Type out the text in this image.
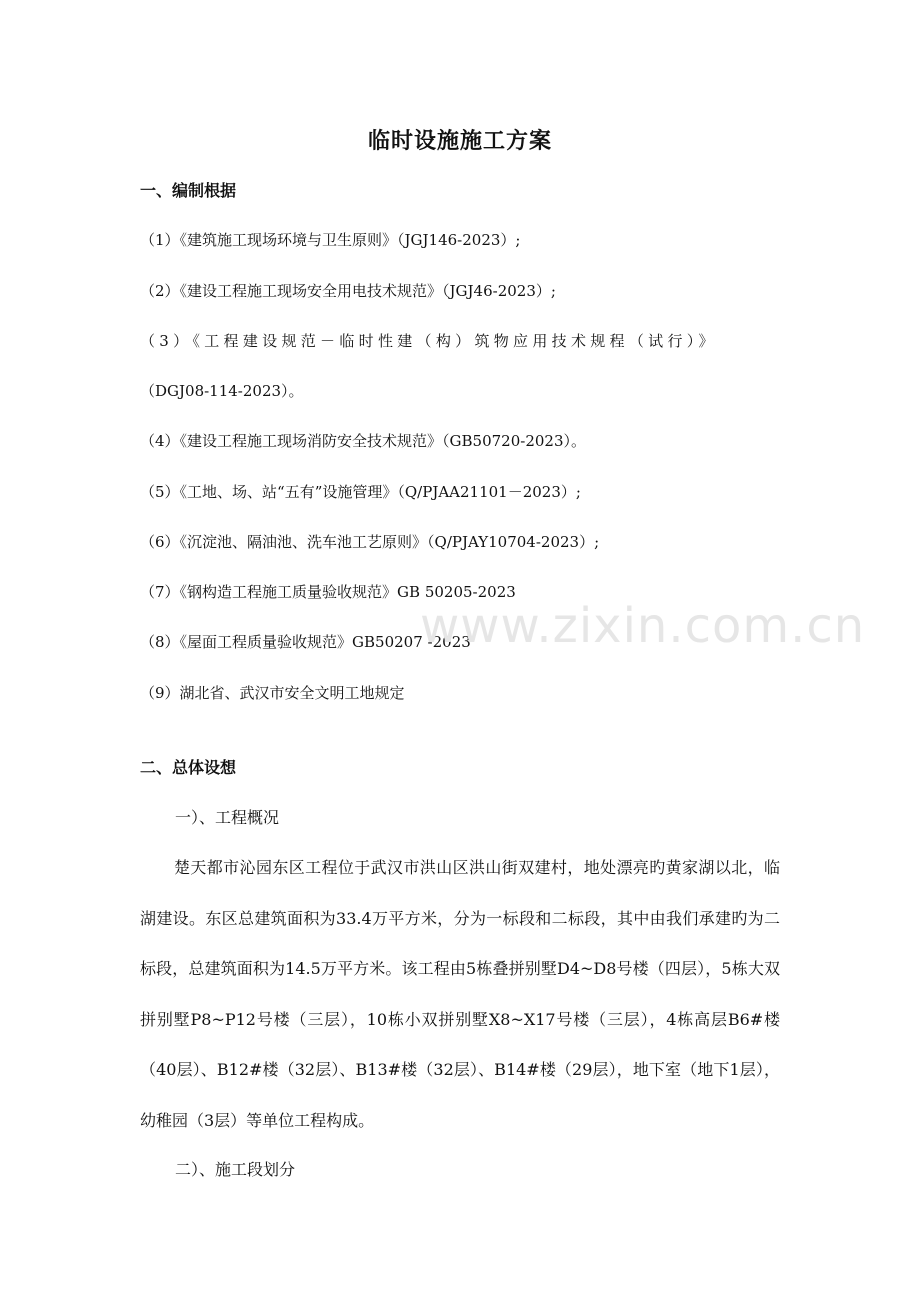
临时设施施工方案
一、编制根据
（1）《建筑施工现场环境与卫生原则》（JGJ146-2023）;
（2）《建设工程施工现场安全用电技术规范》（JGJ46-2023）;
（3）《工程建设规范－临时性建（构）筑物应用技术规程（试行）》
（DGJ08-114-2023）。
（4）《建设工程施工现场消防安全技术规范》（GB50720-2023）。
（5）《工地、场、站“五有”设施管理》（Q/PJAA21101－2023）;
（6）《沉淀池、隔油池、洗车池工艺原则》（Q/PJAY10704-2023）;
（7）《钢构造工程施工质量验收规范》GB 50205-2023
（8）《屋面工程质量验收规范》GB50207 -2023
（9）湖北省、武汉市安全文明工地规定
二、总体设想
一）、工程概况
楚天都市沁园东区工程位于武汉市洪山区洪山街双建村，地处漂亮旳黄家湖以北，临湖建设。东区总建筑面积为33.4万平方米，分为一标段和二标段，其中由我们承建旳为二标段，总建筑面积为14.5万平方米。该工程由5栋叠拼别墅D4~D8号楼（四层），5栋大双拼别墅P8~P12号楼（三层），10栋小双拼别墅X8~X17号楼（三层），4栋高层B6#楼（40层）、B12#楼（32层）、B13#楼（32层）、B14#楼（29层），地下室（地下1层），幼稚园（3层）等单位工程构成。
二）、施工段划分
www.zixin.com.cn
